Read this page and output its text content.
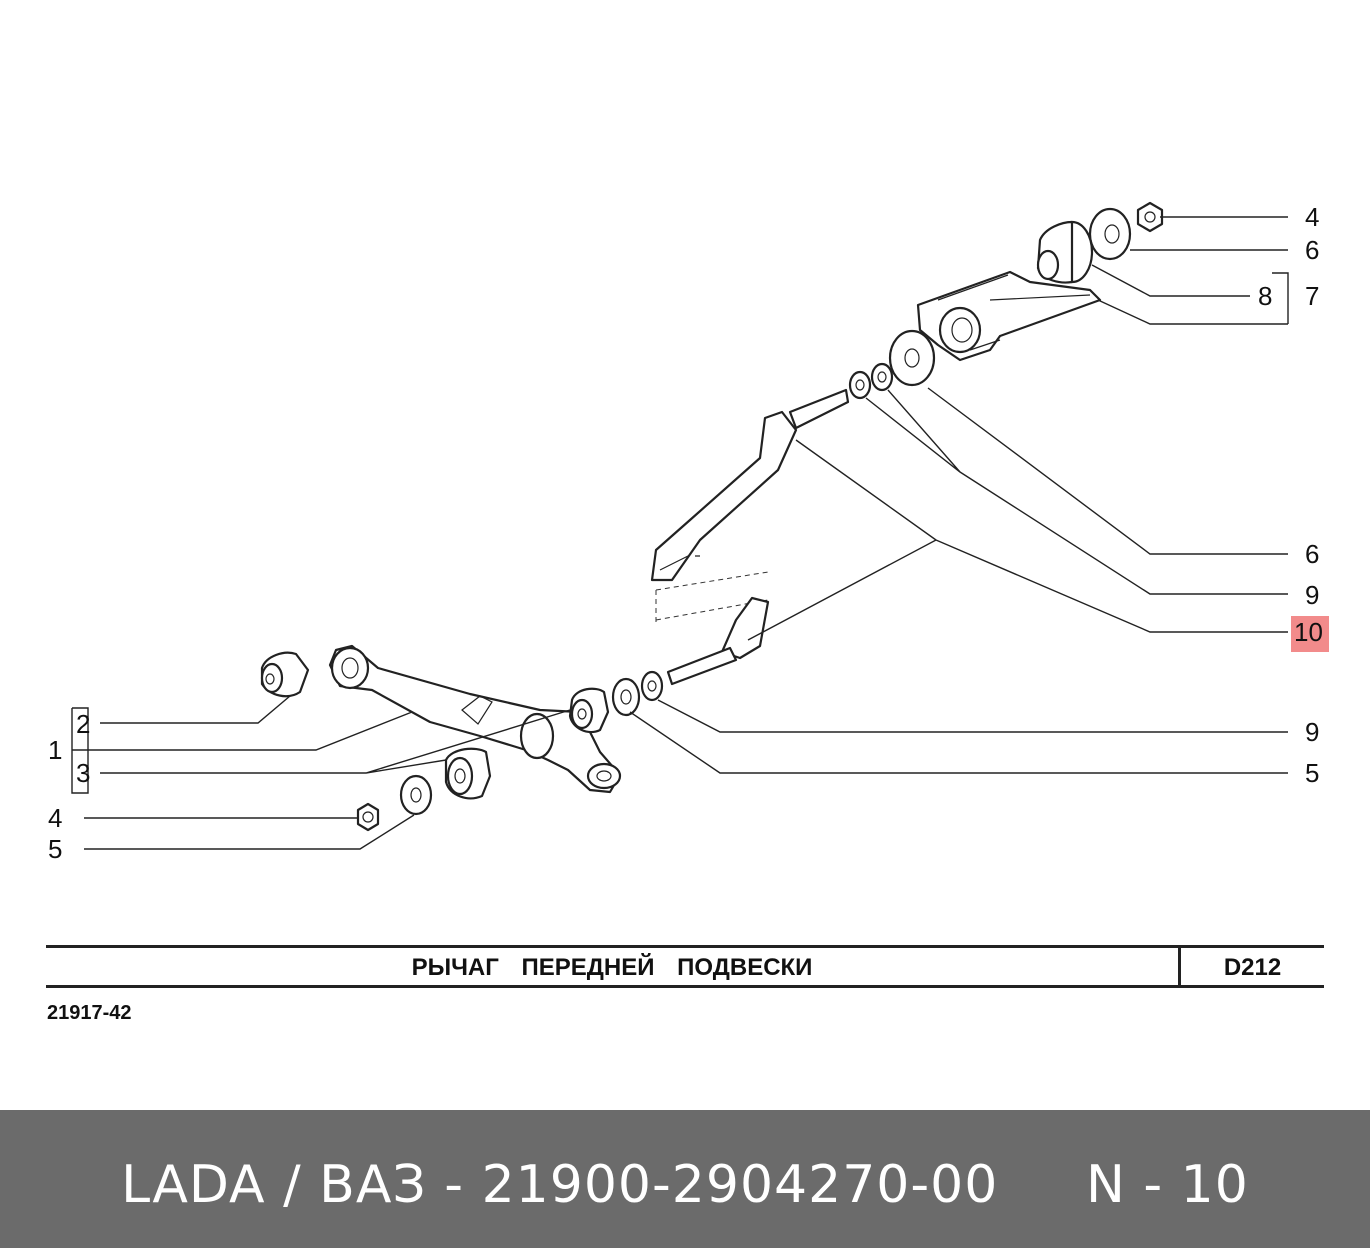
4
6
8 7
6
9
10
9
5
1
2
3
4
5
РЫЧАГ ПЕРЕДНЕЙ ПОДВЕСКИ	D212
21917-42
LADA / ВАЗ - 21900-2904270-00 N - 10
